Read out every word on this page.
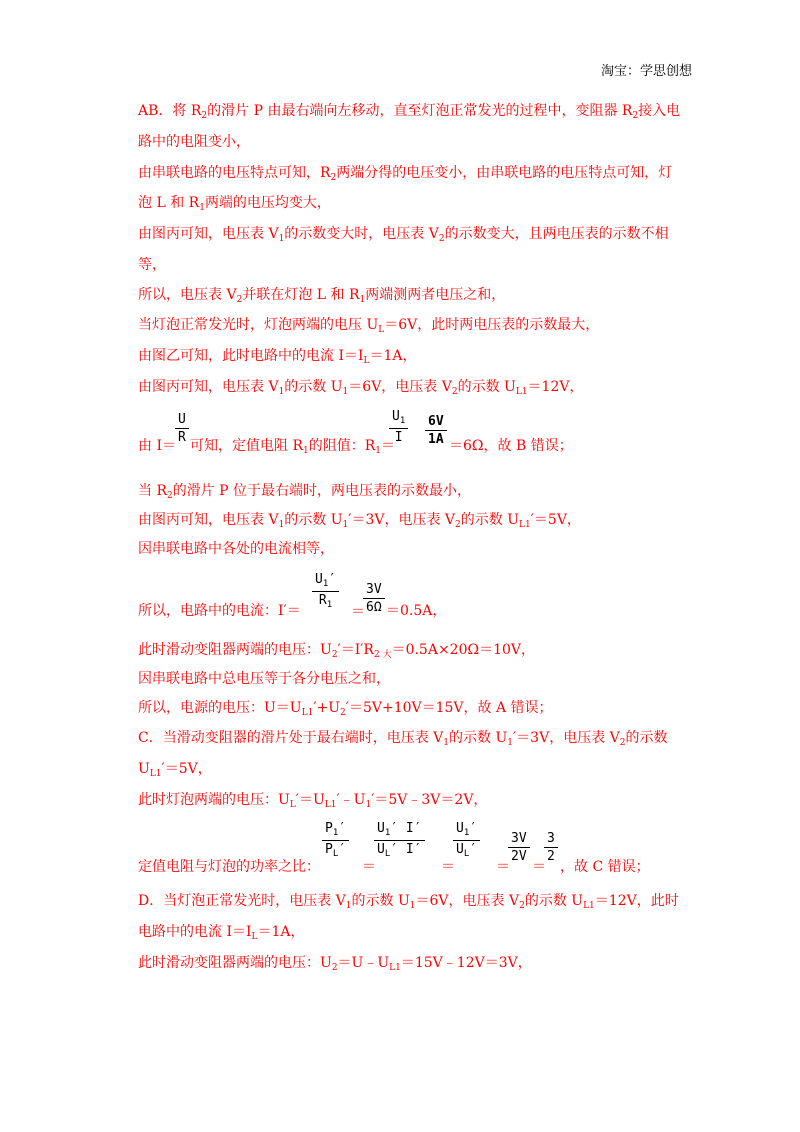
淘宝：学思创想
AB．将 $R_2$的滑片 P 由最右端向左移动，直至灯泡正常发光的过程中，变阻器 $R_2$接入电
路中的电阻变小，
由串联电路的电压特点可知，$R_2$两端分得的电压变小，由串联电路的电压特点可知，灯
泡 L 和 $R_1$两端的电压均变大，
由图丙可知，电压表 $V_1$的示数变大时，电压表 $V_2$的示数变大，且两电压表的示数不相
等，
所以，电压表 $V_2$并联在灯泡 L 和 $R_1$两端测两者电压之和，
当灯泡正常发光时，灯泡两端的电压 $U_L=6V$，此时两电压表的示数最大，
由图乙可知，此时电路中的电流 $I=I_L=1A$，
由图丙可知，电压表 $V_1$的示数 $U_1=6V$，电压表 $V_2$的示数 $U_{L1}=12V$，
由 I＝
U
R
可知，定值电阻 $R_1$的阻值：$R_1=$
$U_1$
I
6V
1A ＝6Ω，故 B 错误；
当 $R_2$的滑片 P 位于最右端时，两电压表的示数最小，
由图丙可知，电压表 $V_1$的示数 $U_1'=3V$，电压表 $V_2$的示数 $U_{L1}'=5V$，
因串联电路中各处的电流相等，
所以，电路中的电流：I′＝
$U_1'$
$R_1$ ＝
3V
6Ω ＝0.5A，
此时滑动变阻器两端的电压：$U_2'=I'R_{2 大}=0.5A\times 20\Omega=10V$，
因串联电路中总电压等于各分电压之和，
所以，电源的电压：$U=U_{L1}'+U_2'=5V+10V=15V$，故 A 错误；
C．当滑动变阻器的滑片处于最右端时，电压表 $V_1$的示数 $U_1'=3V$，电压表 $V_2$的示数
$U_{L1}'=5V$，
此时灯泡两端的电压：$U_L'=U_{L1}'﹣U_1'=5V﹣3V=2V$，
定值电阻与灯泡的功率之比：
$P_1'$
$P_L'$
＝
$U_1'$ I′
$U_L'$ I′
＝
$U_1'$
$U_L'$
＝
3V
2V
＝
3
2
，故 C 错误；
D．当灯泡正常发光时，电压表 $V_1$的示数 $U_1=6V$，电压表 $V_2$的示数 $U_{L1}=12V$，此时
电路中的电流 $I=I_L=1A$，
此时滑动变阻器两端的电压：$U_2=U﹣U_{L1}=15V﹣12V=3V$，
